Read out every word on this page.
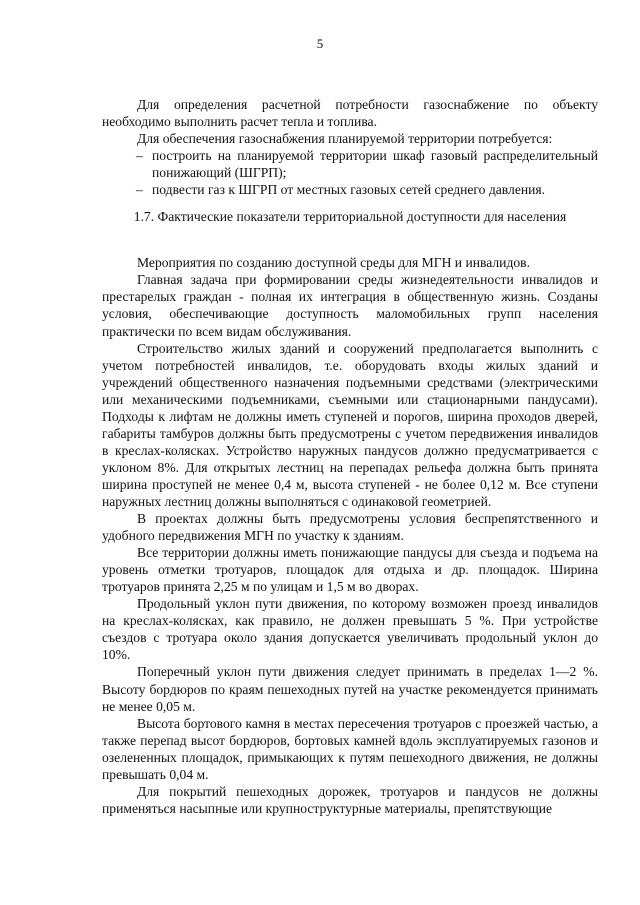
5

Для определения расчетной потребности газоснабжение по объекту необходимо выполнить расчет тепла и топлива.

Для обеспечения газоснабжения планируемой территории потребуется:

– построить на планируемой территории шкаф газовый распределительный понижающий (ШГРП);
– подвести газ к ШГРП от местных газовых сетей среднего давления.

1.7. Фактические показатели территориальной доступности для населения

Мероприятия по созданию доступной среды для МГН и инвалидов.

Главная задача при формировании среды жизнедеятельности инвалидов и престарелых граждан - полная их интеграция в общественную жизнь. Созданы условия, обеспечивающие доступность маломобильных групп населения практически по всем видам обслуживания.

Строительство жилых зданий и сооружений предполагается выполнить с учетом потребностей инвалидов, т.е. оборудовать входы жилых зданий и учреждений общественного назначения подъемными средствами (электрическими или механическими подъемниками, съемными или стационарными пандусами). Подходы к лифтам не должны иметь ступеней и порогов, ширина проходов дверей, габариты тамбуров должны быть предусмотрены с учетом передвижения инвалидов в креслах-колясках. Устройство наружных пандусов должно предусматривается с уклоном 8%. Для открытых лестниц на перепадах рельефа должна быть принята ширина проступей не менее 0,4 м, высота ступеней - не более 0,12 м. Все ступени наружных лестниц должны выполняться с одинаковой геометрией.

В проектах должны быть предусмотрены условия беспрепятственного и удобного передвижения МГН по участку к зданиям.

Все территории должны иметь понижающие пандусы для съезда и подъема на уровень отметки тротуаров, площадок для отдыха и др. площадок. Ширина тротуаров принята 2,25 м по улицам и 1,5 м во дворах.

Продольный уклон пути движения, по которому возможен проезд инвалидов на креслах-колясках, как правило, не должен превышать 5 %. При устройстве съездов с тротуара около здания допускается увеличивать продольный уклон до 10%.

Поперечный уклон пути движения следует принимать в пределах 1—2 %. Высоту бордюров по краям пешеходных путей на участке рекомендуется принимать не менее 0,05 м.

Высота бортового камня в местах пересечения тротуаров с проезжей частью, а также перепад высот бордюров, бортовых камней вдоль эксплуатируемых газонов и озелененных площадок, примыкающих к путям пешеходного движения, не должны превышать 0,04 м.

Для покрытий пешеходных дорожек, тротуаров и пандусов не должны применяться насыпные или крупноструктурные материалы, препятствующие
